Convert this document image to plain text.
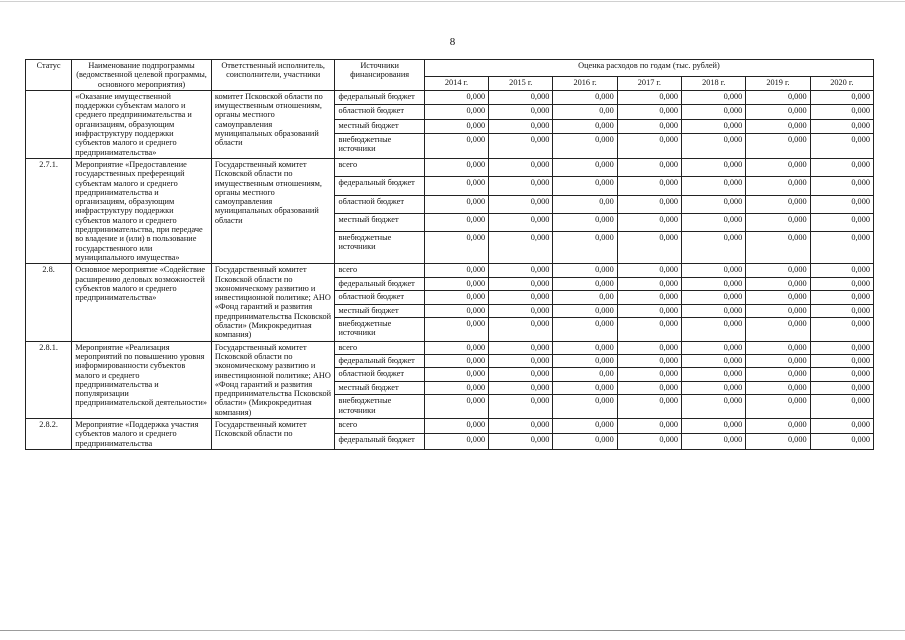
8
Статус	Наименование подпрограммы (ведомственной целевой программы, основного мероприятия)	Ответственный исполнитель, соисполнители, участники	Источники финансирования	Оценка расходов по годам (тыс. рублей)						
				2014 г.	2015 г.	2016 г.	2017 г.	2018 г.	2019 г.	2020 г.
	«Оказание имущественной поддержки субъектам малого и среднего предпринимательства и организациям, образующим инфраструктуру поддержки субъектов малого и среднего предпринимательства»	комитет Псковской области по имущественным отношениям, органы местного самоуправления муниципальных образований области	федеральный бюджет	0,000	0,000	0,000	0,000	0,000	0,000	0,000
			областной бюджет	0,000	0,000	0,00	0,000	0,000	0,000	0,000
			местный бюджет	0,000	0,000	0,000	0,000	0,000	0,000	0,000
			внебюджетные источники	0,000	0,000	0,000	0,000	0,000	0,000	0,000
2.7.1.	Мероприятие «Предоставление государственных преференций субъектам малого и среднего предпринимательства и организациям, образующим инфраструктуру поддержки субъектов малого и среднего предпринимательства, при передаче во владение и (или) в пользование государственного или муниципального имущества»	Государственный комитет Псковской области по имущественным отношениям, органы местного самоуправления муниципальных образований области	всего	0,000	0,000	0,000	0,000	0,000	0,000	0,000
			федеральный бюджет	0,000	0,000	0,000	0,000	0,000	0,000	0,000
			областной бюджет	0,000	0,000	0,00	0,000	0,000	0,000	0,000
			местный бюджет	0,000	0,000	0,000	0,000	0,000	0,000	0,000
			внебюджетные источники	0,000	0,000	0,000	0,000	0,000	0,000	0,000
2.8.	Основное мероприятие «Содействие расширению деловых возможностей субъектов малого и среднего предпринимательства»	Государственный комитет Псковской области по экономическому развитию и инвестиционной политике; АНО «Фонд гарантий и развития предпринимательства Псковской области» (Микрокредитная компания)	всего	0,000	0,000	0,000	0,000	0,000	0,000	0,000
			федеральный бюджет	0,000	0,000	0,000	0,000	0,000	0,000	0,000
			областной бюджет	0,000	0,000	0,00	0,000	0,000	0,000	0,000
			местный бюджет	0,000	0,000	0,000	0,000	0,000	0,000	0,000
			внебюджетные источники	0,000	0,000	0,000	0,000	0,000	0,000	0,000
2.8.1.	Мероприятие «Реализация мероприятий по повышению уровня информированности субъектов малого и среднего предпринимательства и популяризации предпринимательской деятельности»	Государственный комитет Псковской области по экономическому развитию и инвестиционной политике; АНО «Фонд гарантий и развития предпринимательства Псковской области» (Микрокредитная компания)	всего	0,000	0,000	0,000	0,000	0,000	0,000	0,000
			федеральный бюджет	0,000	0,000	0,000	0,000	0,000	0,000	0,000
			областной бюджет	0,000	0,000	0,00	0,000	0,000	0,000	0,000
			местный бюджет	0,000	0,000	0,000	0,000	0,000	0,000	0,000
			внебюджетные источники	0,000	0,000	0,000	0,000	0,000	0,000	0,000
2.8.2.	Мероприятие «Поддержка участия субъектов малого и среднего предпринимательства	Государственный комитет Псковской области по	всего	0,000	0,000	0,000	0,000	0,000	0,000	0,000
			федеральный бюджет	0,000	0,000	0,000	0,000	0,000	0,000	0,000
